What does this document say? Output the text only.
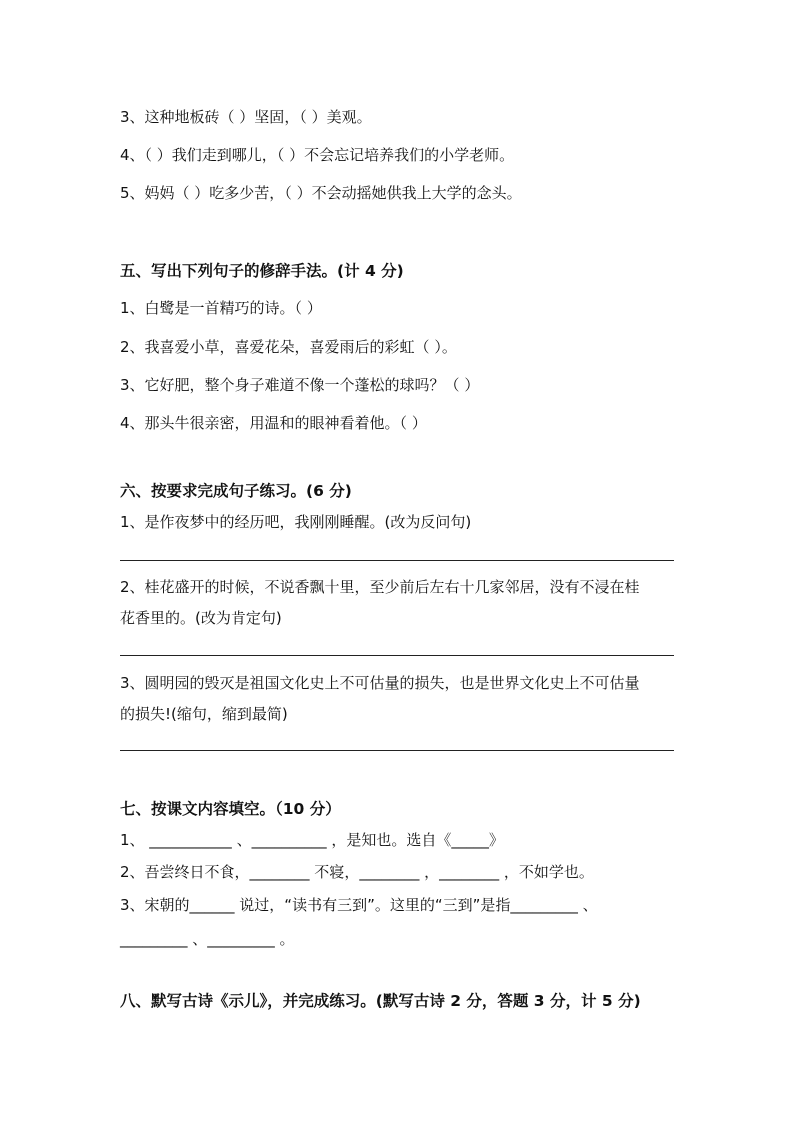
3、这种地板砖（ ）坚固，（ ）美观。
4、（ ）我们走到哪儿，（ ）不会忘记培养我们的小学老师。
5、妈妈（ ）吃多少苦，（ ）不会动摇她供我上大学的念头。
五、写出下列句子的修辞手法。(计 4 分)
1、白鹭是一首精巧的诗。（ ）
2、我喜爱小草，喜爱花朵，喜爱雨后的彩虹（ ）。
3、它好肥，整个身子难道不像一个蓬松的球吗？（ ）
4、那头牛很亲密，用温和的眼神看着他。（ ）
六、按要求完成句子练习。(6 分)
1、是作夜梦中的经历吧，我刚刚睡醒。(改为反问句)
2、桂花盛开的时候，不说香飘十里，至少前后左右十几家邻居，没有不浸在桂
花香里的。(改为肯定句)
3、圆明园的毁灭是祖国文化史上不可估量的损失，也是世界文化史上不可估量
的损失!(缩句，缩到最简)
七、按课文内容填空。（10 分）
1、 ___________ 、__________ ，是知也。选自《_____》
2、吾尝终日不食，________ 不寝，________ ，________ ，不如学也。
3、宋朝的______ 说过，“读书有三到”。这里的“三到”是指_________ 、
_________ 、_________ 。
八、默写古诗《示儿》，并完成练习。(默写古诗 2 分，答题 3 分，计 5 分)
